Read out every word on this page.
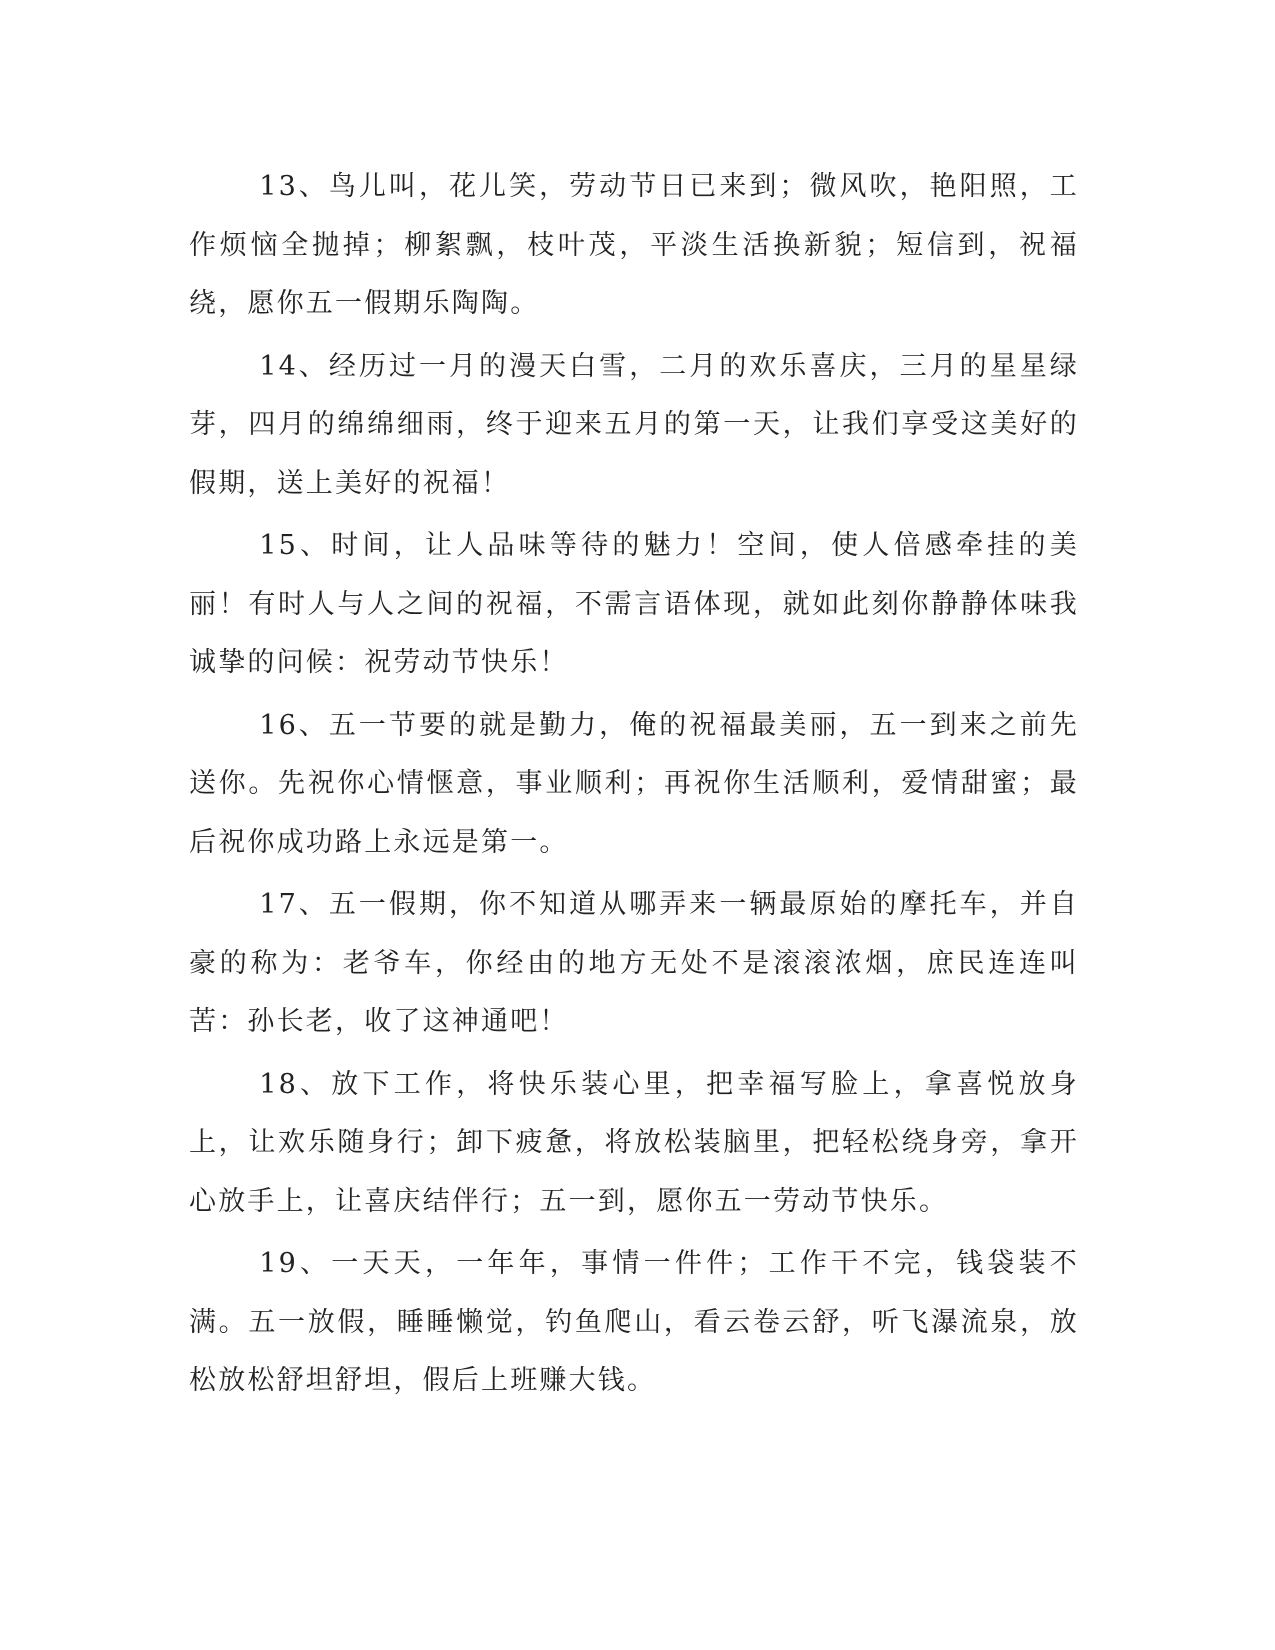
13、鸟儿叫，花儿笑，劳动节日已来到；微风吹，艳阳照，工作烦恼全抛掉；柳絮飘，枝叶茂，平淡生活换新貌；短信到，祝福绕，愿你五一假期乐陶陶。

14、经历过一月的漫天白雪，二月的欢乐喜庆，三月的星星绿芽，四月的绵绵细雨，终于迎来五月的第一天，让我们享受这美好的假期，送上美好的祝福！

15、时间，让人品味等待的魅力！空间，使人倍感牵挂的美丽！有时人与人之间的祝福，不需言语体现，就如此刻你静静体味我诚挚的问候：祝劳动节快乐！

16、五一节要的就是勤力，俺的祝福最美丽，五一到来之前先送你。先祝你心情惬意，事业顺利；再祝你生活顺利，爱情甜蜜；最后祝你成功路上永远是第一。

17、五一假期，你不知道从哪弄来一辆最原始的摩托车，并自豪的称为：老爷车，你经由的地方无处不是滚滚浓烟，庶民连连叫苦：孙长老，收了这神通吧！

18、放下工作，将快乐装心里，把幸福写脸上，拿喜悦放身上，让欢乐随身行；卸下疲惫，将放松装脑里，把轻松绕身旁，拿开心放手上，让喜庆结伴行；五一到，愿你五一劳动节快乐。

19、一天天，一年年，事情一件件；工作干不完，钱袋装不满。五一放假，睡睡懒觉，钓鱼爬山，看云卷云舒，听飞瀑流泉，放松放松舒坦舒坦，假后上班赚大钱。
